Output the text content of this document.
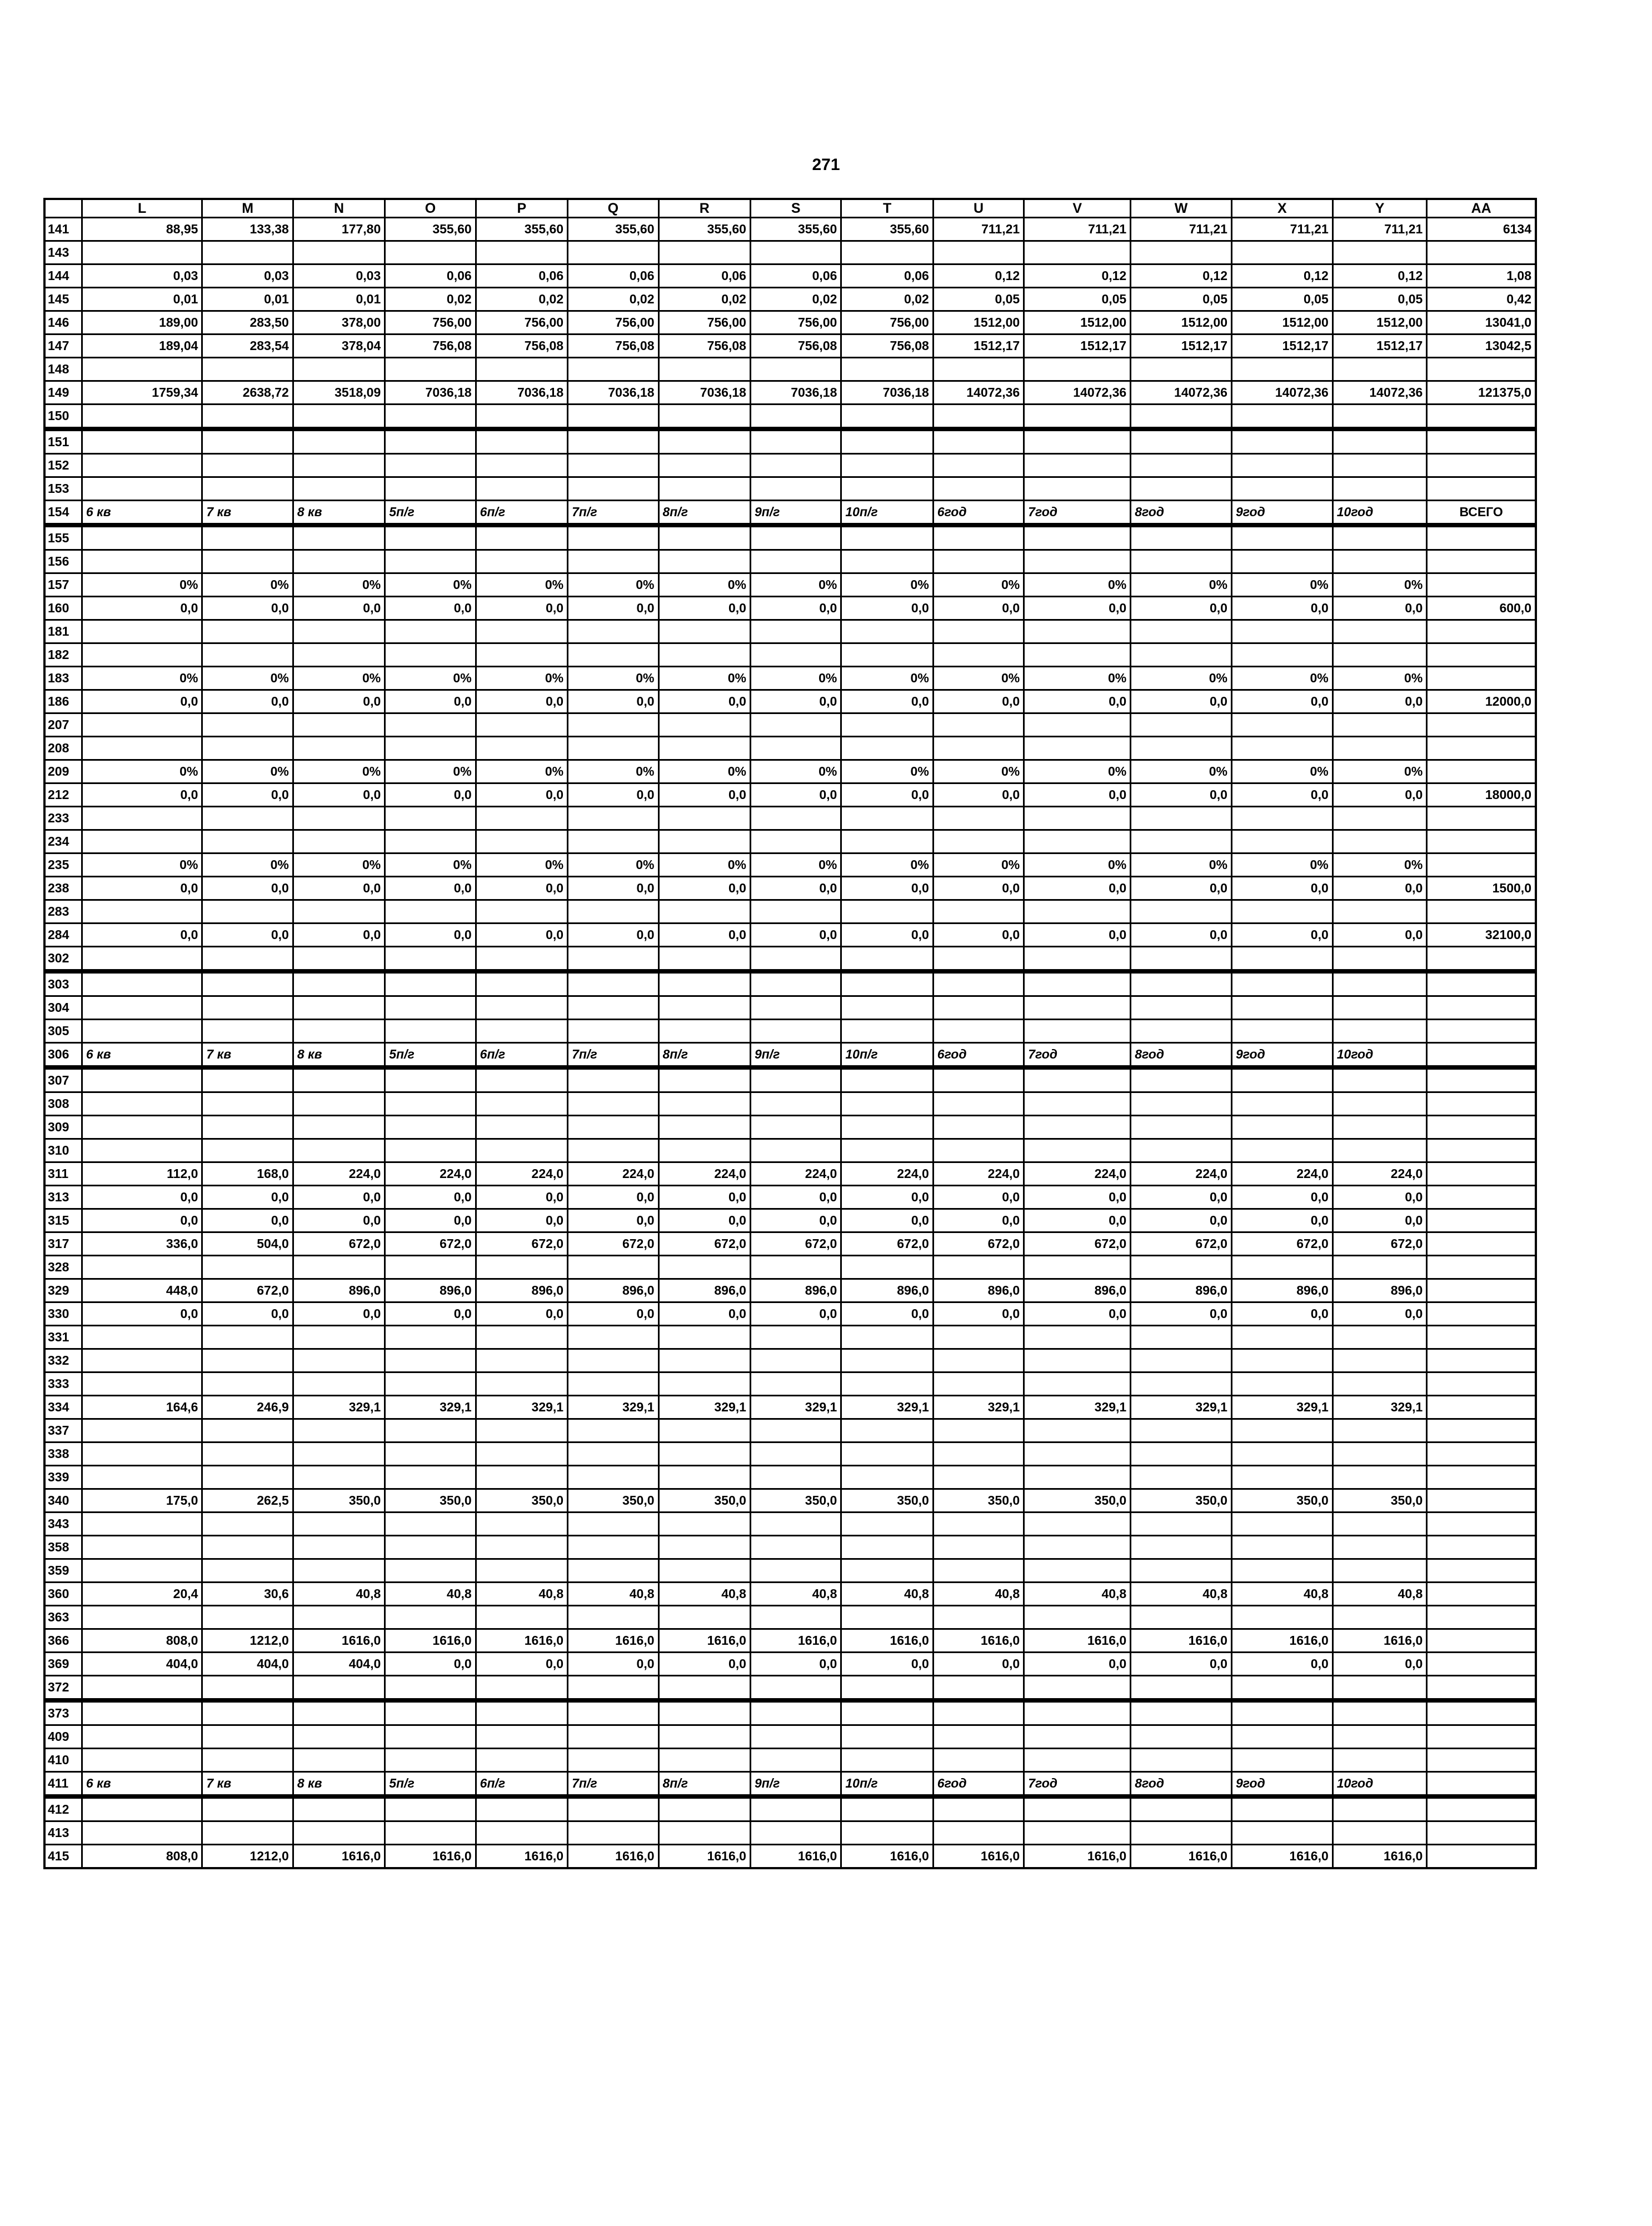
271
	L	M	N	O	P	Q	R	S	T	U	V	W	X	Y	AA
141	88,95	133,38	177,80	355,60	355,60	355,60	355,60	355,60	355,60	711,21	711,21	711,21	711,21	711,21	6134
143															
144	0,03	0,03	0,03	0,06	0,06	0,06	0,06	0,06	0,06	0,12	0,12	0,12	0,12	0,12	1,08
145	0,01	0,01	0,01	0,02	0,02	0,02	0,02	0,02	0,02	0,05	0,05	0,05	0,05	0,05	0,42
146	189,00	283,50	378,00	756,00	756,00	756,00	756,00	756,00	756,00	1512,00	1512,00	1512,00	1512,00	1512,00	13041,0
147	189,04	283,54	378,04	756,08	756,08	756,08	756,08	756,08	756,08	1512,17	1512,17	1512,17	1512,17	1512,17	13042,5
148															
149	1759,34	2638,72	3518,09	7036,18	7036,18	7036,18	7036,18	7036,18	7036,18	14072,36	14072,36	14072,36	14072,36	14072,36	121375,0
150															
151															
152															
153															
154	6 кв	7 кв	8 кв	5п/г	6п/г	7п/г	8п/г	9п/г	10п/г	6год	7год	8год	9год	10год	ВСЕГО
155															
156															
157	0%	0%	0%	0%	0%	0%	0%	0%	0%	0%	0%	0%	0%	0%	
160	0,0	0,0	0,0	0,0	0,0	0,0	0,0	0,0	0,0	0,0	0,0	0,0	0,0	0,0	600,0
181															
182															
183	0%	0%	0%	0%	0%	0%	0%	0%	0%	0%	0%	0%	0%	0%	
186	0,0	0,0	0,0	0,0	0,0	0,0	0,0	0,0	0,0	0,0	0,0	0,0	0,0	0,0	12000,0
207															
208															
209	0%	0%	0%	0%	0%	0%	0%	0%	0%	0%	0%	0%	0%	0%	
212	0,0	0,0	0,0	0,0	0,0	0,0	0,0	0,0	0,0	0,0	0,0	0,0	0,0	0,0	18000,0
233															
234															
235	0%	0%	0%	0%	0%	0%	0%	0%	0%	0%	0%	0%	0%	0%	
238	0,0	0,0	0,0	0,0	0,0	0,0	0,0	0,0	0,0	0,0	0,0	0,0	0,0	0,0	1500,0
283															
284	0,0	0,0	0,0	0,0	0,0	0,0	0,0	0,0	0,0	0,0	0,0	0,0	0,0	0,0	32100,0
302															
303															
304															
305															
306	6 кв	7 кв	8 кв	5п/г	6п/г	7п/г	8п/г	9п/г	10п/г	6год	7год	8год	9год	10год	
307															
308															
309															
310															
311	112,0	168,0	224,0	224,0	224,0	224,0	224,0	224,0	224,0	224,0	224,0	224,0	224,0	224,0	
313	0,0	0,0	0,0	0,0	0,0	0,0	0,0	0,0	0,0	0,0	0,0	0,0	0,0	0,0	
315	0,0	0,0	0,0	0,0	0,0	0,0	0,0	0,0	0,0	0,0	0,0	0,0	0,0	0,0	
317	336,0	504,0	672,0	672,0	672,0	672,0	672,0	672,0	672,0	672,0	672,0	672,0	672,0	672,0	
328															
329	448,0	672,0	896,0	896,0	896,0	896,0	896,0	896,0	896,0	896,0	896,0	896,0	896,0	896,0	
330	0,0	0,0	0,0	0,0	0,0	0,0	0,0	0,0	0,0	0,0	0,0	0,0	0,0	0,0	
331															
332															
333															
334	164,6	246,9	329,1	329,1	329,1	329,1	329,1	329,1	329,1	329,1	329,1	329,1	329,1	329,1	
337															
338															
339															
340	175,0	262,5	350,0	350,0	350,0	350,0	350,0	350,0	350,0	350,0	350,0	350,0	350,0	350,0	
343															
358															
359															
360	20,4	30,6	40,8	40,8	40,8	40,8	40,8	40,8	40,8	40,8	40,8	40,8	40,8	40,8	
363															
366	808,0	1212,0	1616,0	1616,0	1616,0	1616,0	1616,0	1616,0	1616,0	1616,0	1616,0	1616,0	1616,0	1616,0	
369	404,0	404,0	404,0	0,0	0,0	0,0	0,0	0,0	0,0	0,0	0,0	0,0	0,0	0,0	
372															
373															
409															
410															
411	6 кв	7 кв	8 кв	5п/г	6п/г	7п/г	8п/г	9п/г	10п/г	6год	7год	8год	9год	10год	
412															
413															
415	808,0	1212,0	1616,0	1616,0	1616,0	1616,0	1616,0	1616,0	1616,0	1616,0	1616,0	1616,0	1616,0	1616,0	
